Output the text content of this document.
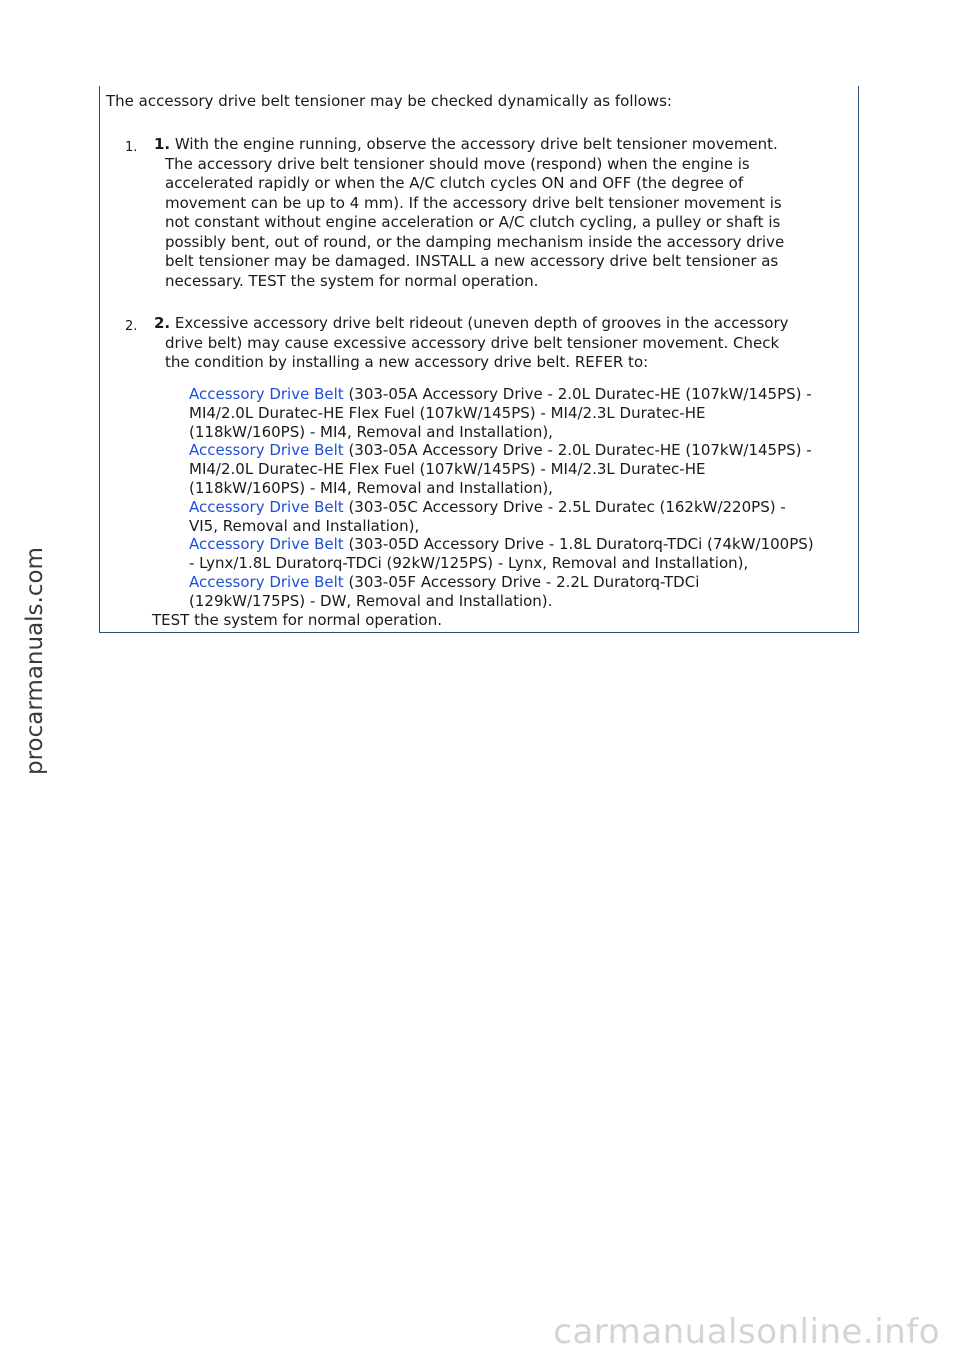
The accessory drive belt tensioner may be checked dynamically as follows:
1. 1. With the engine running, observe the accessory drive belt tensioner movement.
The accessory drive belt tensioner should move (respond) when the engine is
accelerated rapidly or when the A/C clutch cycles ON and OFF (the degree of
movement can be up to 4 mm). If the accessory drive belt tensioner movement is
not constant without engine acceleration or A/C clutch cycling, a pulley or shaft is
possibly bent, out of round, or the damping mechanism inside the accessory drive
belt tensioner may be damaged. INSTALL a new accessory drive belt tensioner as
necessary. TEST the system for normal operation.
2. 2. Excessive accessory drive belt rideout (uneven depth of grooves in the accessory
drive belt) may cause excessive accessory drive belt tensioner movement. Check
the condition by installing a new accessory drive belt. REFER to:
Accessory Drive Belt (303-05A Accessory Drive - 2.0L Duratec-HE (107kW/145PS) -
MI4/2.0L Duratec-HE Flex Fuel (107kW/145PS) - MI4/2.3L Duratec-HE
(118kW/160PS) - MI4, Removal and Installation),
Accessory Drive Belt (303-05A Accessory Drive - 2.0L Duratec-HE (107kW/145PS) -
MI4/2.0L Duratec-HE Flex Fuel (107kW/145PS) - MI4/2.3L Duratec-HE
(118kW/160PS) - MI4, Removal and Installation),
Accessory Drive Belt (303-05C Accessory Drive - 2.5L Duratec (162kW/220PS) -
VI5, Removal and Installation),
Accessory Drive Belt (303-05D Accessory Drive - 1.8L Duratorq-TDCi (74kW/100PS)
- Lynx/1.8L Duratorq-TDCi (92kW/125PS) - Lynx, Removal and Installation),
Accessory Drive Belt (303-05F Accessory Drive - 2.2L Duratorq-TDCi
(129kW/175PS) - DW, Removal and Installation).
TEST the system for normal operation.
procarmanuals.com
carmanualsonline.info
